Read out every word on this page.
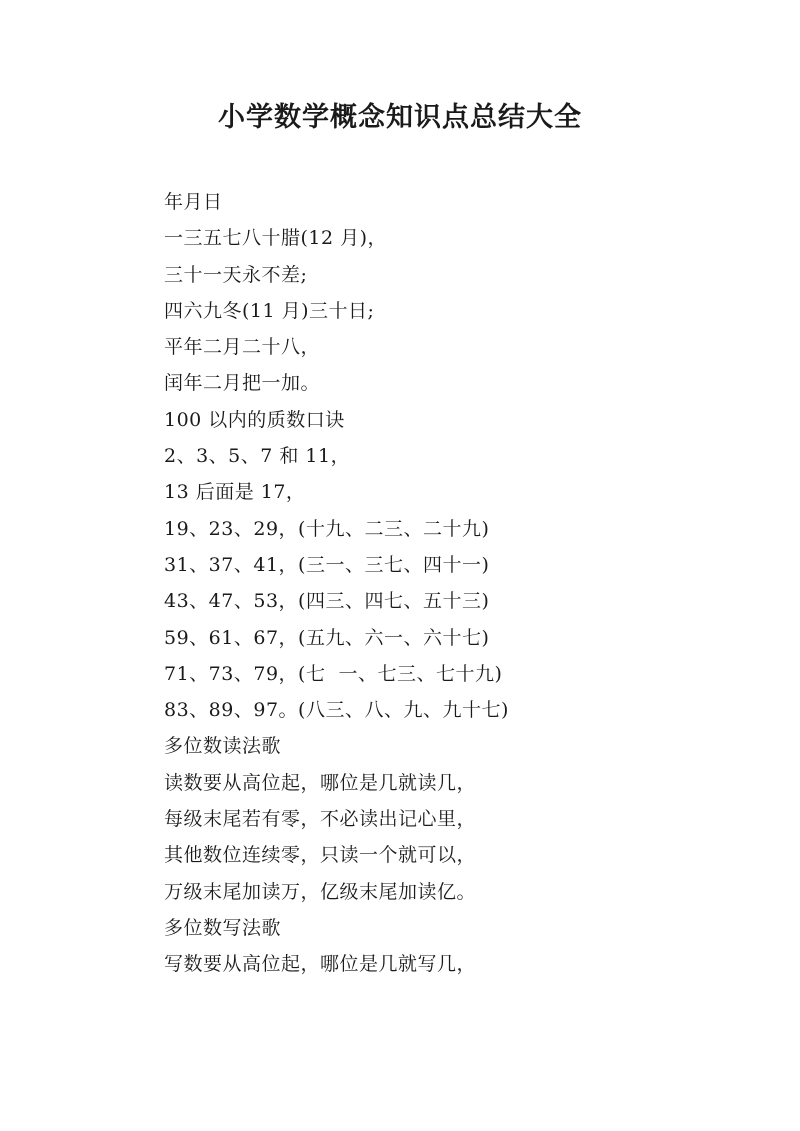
小学数学概念知识点总结大全
年月日
一三五七八十腊(12 月)，
三十一天永不差;
四六九冬(11 月)三十日;
平年二月二十八，
闰年二月把一加。
100 以内的质数口诀
2、3、5、7 和 11，
13 后面是 17，
19、23、29，(十九、二三、二十九)
31、37、41，(三一、三七、四十一)
43、47、53，(四三、四七、五十三)
59、61、67，(五九、六一、六十七)
71、73、79，(七  一、七三、七十九)
83、89、97。(八三、八、九、九十七)
多位数读法歌
读数要从高位起，哪位是几就读几，
每级末尾若有零，不必读出记心里，
其他数位连续零，只读一个就可以，
万级末尾加读万，亿级末尾加读亿。
多位数写法歌
写数要从高位起，哪位是几就写几，
